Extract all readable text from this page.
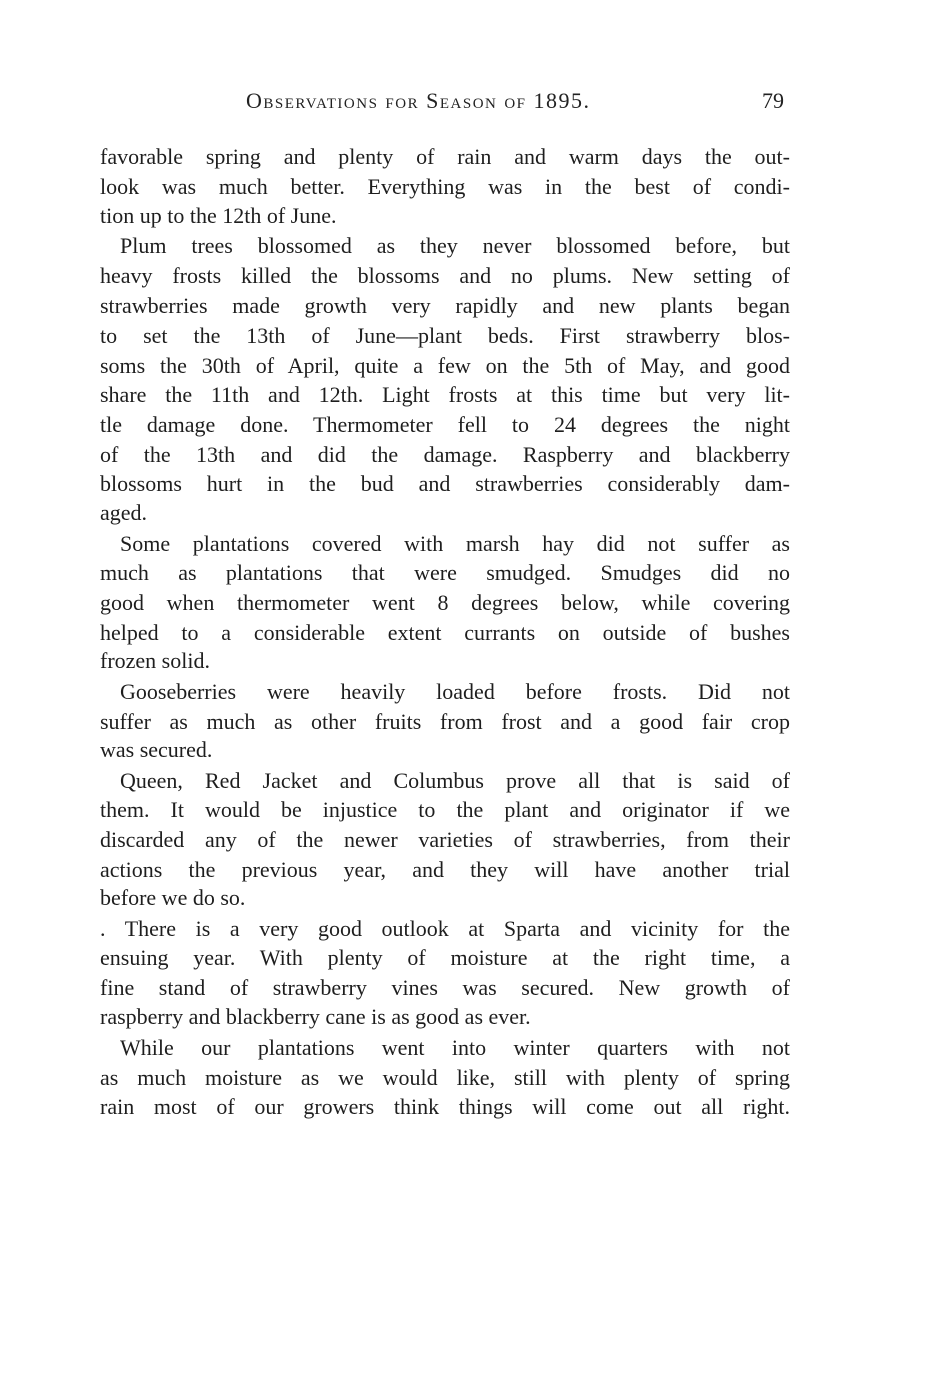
Observations for Season of 1895.	79
favorable spring and plenty of rain and warm days the out-
look was much better. Everything was in the best of condi-
tion up to the 12th of June.
Plum trees blossomed as they never blossomed before, but
heavy frosts killed the blossoms and no plums. New setting of
strawberries made growth very rapidly and new plants began
to set the 13th of June—plant beds. First strawberry blos-
soms the 30th of April, quite a few on the 5th of May, and good
share the 11th and 12th. Light frosts at this time but very lit-
tle damage done. Thermometer fell to 24 degrees the night
of the 13th and did the damage. Raspberry and blackberry
blossoms hurt in the bud and strawberries considerably dam-
aged.
Some plantations covered with marsh hay did not suffer as
much as plantations that were smudged. Smudges did no
good when thermometer went 8 degrees below, while covering
helped to a considerable extent currants on outside of bushes
frozen solid.
Gooseberries were heavily loaded before frosts. Did not
suffer as much as other fruits from frost and a good fair crop
was secured.
Queen, Red Jacket and Columbus prove all that is said of
them. It would be injustice to the plant and originator if we
discarded any of the newer varieties of strawberries, from their
actions the previous year, and they will have another trial
before we do so.
. There is a very good outlook at Sparta and vicinity for the
ensuing year. With plenty of moisture at the right time, a
fine stand of strawberry vines was secured. New growth of
raspberry and blackberry cane is as good as ever.
While our plantations went into winter quarters with not
as much moisture as we would like, still with plenty of spring
rain most of our growers think things will come out all right.
